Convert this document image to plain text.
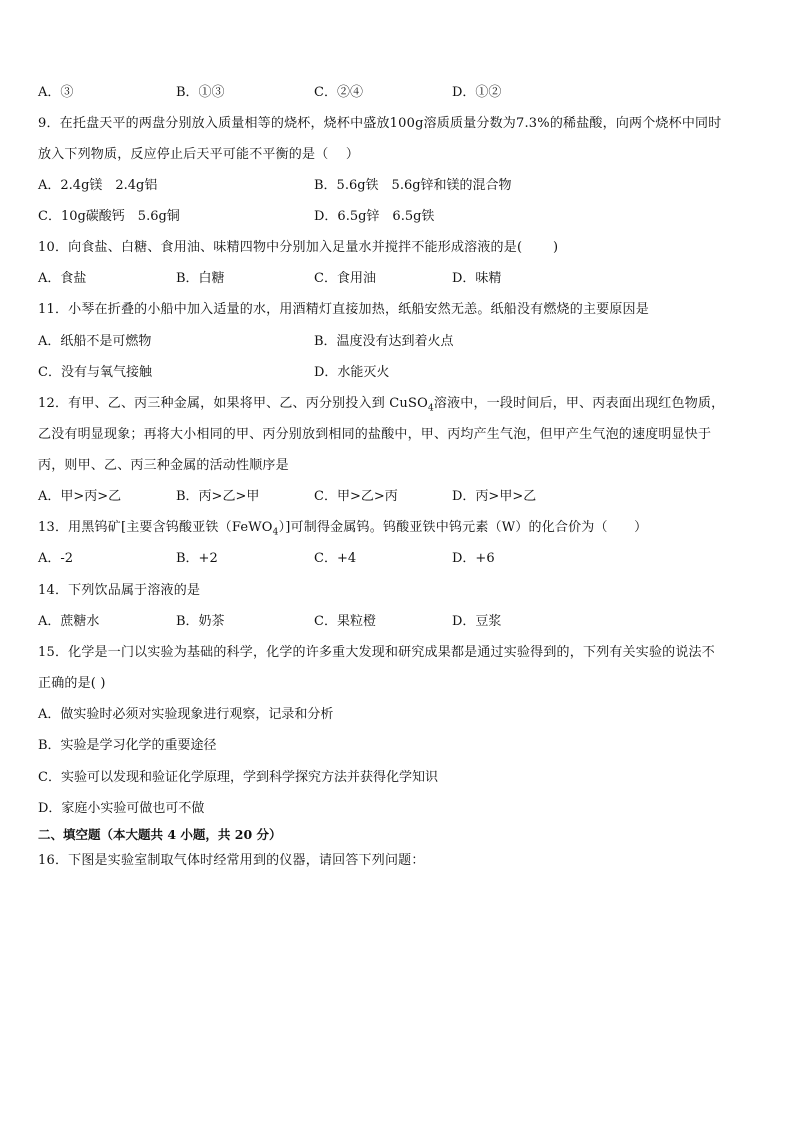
A．③	B．①③	C．②④	D．①②
9．在托盘天平的两盘分别放入质量相等的烧杯，烧杯中盛放100g溶质质量分数为7.3%的稀盐酸，向两个烧杯中同时
放入下列物质，反应停止后天平可能不平衡的是（　 ）
A．2.4g镁　2.4g铝	B．5.6g铁　5.6g锌和镁的混合物
C．10g碳酸钙　5.6g铜	D．6.5g锌　6.5g铁
10．向食盐、白糖、食用油、味精四物中分别加入足量水并搅拌不能形成溶液的是(　　 )
A．食盐	B．白糖	C．食用油	D．味精
11．小琴在折叠的小船中加入适量的水，用酒精灯直接加热，纸船安然无恙。纸船没有燃烧的主要原因是
A．纸船不是可燃物	B．温度没有达到着火点
C．没有与氧气接触	D．水能灭火
12．有甲、乙、丙三种金属，如果将甲、乙、丙分别投入到 CuSO$_4$溶液中，一段时间后，甲、丙表面出现红色物质，
乙没有明显现象；再将大小相同的甲、丙分别放到相同的盐酸中，甲、丙均产生气泡，但甲产生气泡的速度明显快于
丙，则甲、乙、丙三种金属的活动性顺序是
A．甲>丙>乙	B．丙>乙>甲	C．甲>乙>丙	D．丙>甲>乙
13．用黑钨矿[主要含钨酸亚铁（FeWO$_4$）]可制得金属钨。钨酸亚铁中钨元素（W）的化合价为（　　）
A．-2	B．+2	C．+4	D．+6
14．下列饮品属于溶液的是
A．蔗糖水	B．奶茶	C．果粒橙	D．豆浆
15．化学是一门以实验为基础的科学，化学的许多重大发现和研究成果都是通过实验得到的，下列有关实验的说法不
正确的是( )
A．做实验时必须对实验现象进行观察，记录和分析
B．实验是学习化学的重要途径
C．实验可以发现和验证化学原理，学到科学探究方法并获得化学知识
D．家庭小实验可做也可不做
二、填空题（本大题共 4 小题，共 20 分）
16．下图是实验室制取气体时经常用到的仪器，请回答下列问题：
